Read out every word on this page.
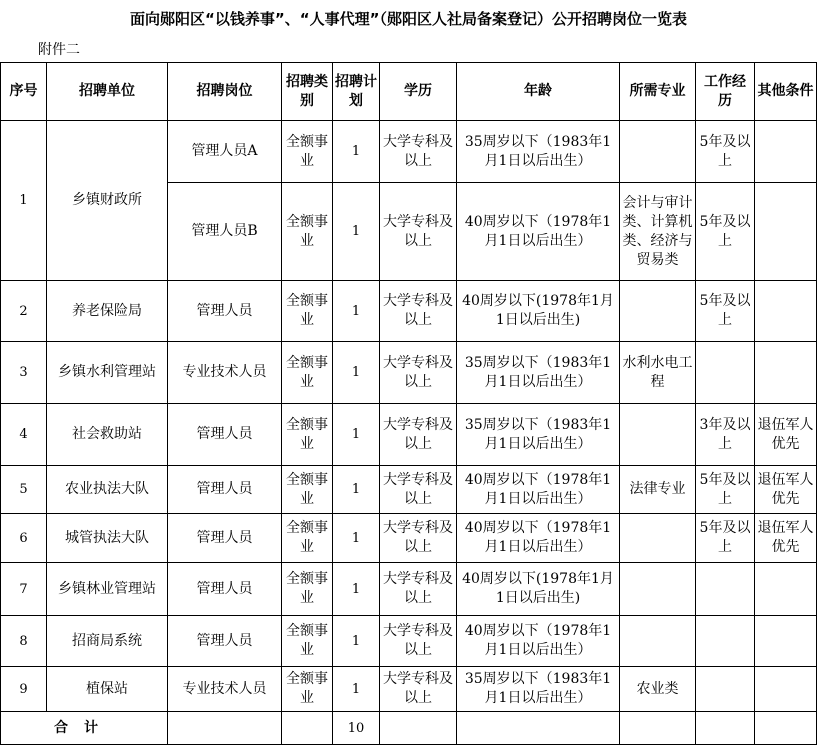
面向郧阳区“以钱养事”、“人事代理”（郧阳区人社局备案登记）公开招聘岗位一览表
附件二
序号	招聘单位	招聘岗位	招聘类别	招聘计划	学历	年龄	所需专业	工作经历	其他条件
1	乡镇财政所	管理人员A	全额事业	1	大学专科及以上	35周岁以下（1983年1月1日以后出生）		5年及以上	
		管理人员B	全额事业	1	大学专科及以上	40周岁以下（1978年1月1日以后出生）	会计与审计类、计算机类、经济与贸易类	5年及以上	
2	养老保险局	管理人员	全额事业	1	大学专科及以上	40周岁以下(1978年1月1日以后出生)		5年及以上	
3	乡镇水利管理站	专业技术人员	全额事业	1	大学专科及以上	35周岁以下（1983年1月1日以后出生）	水利水电工程		
4	社会救助站	管理人员	全额事业	1	大学专科及以上	35周岁以下（1983年1月1日以后出生）		3年及以上	退伍军人优先
5	农业执法大队	管理人员	全额事业	1	大学专科及以上	40周岁以下（1978年1月1日以后出生）	法律专业	5年及以上	退伍军人优先
6	城管执法大队	管理人员	全额事业	1	大学专科及以上	40周岁以下（1978年1月1日以后出生）		5年及以上	退伍军人优先
7	乡镇林业管理站	管理人员	全额事业	1	大学专科及以上	40周岁以下(1978年1月1日以后出生)			
8	招商局系统	管理人员	全额事业	1	大学专科及以上	40周岁以下（1978年1月1日以后出生）			
9	植保站	专业技术人员	全额事业	1	大学专科及以上	35周岁以下（1983年1月1日以后出生）	农业类		
合计				10					
